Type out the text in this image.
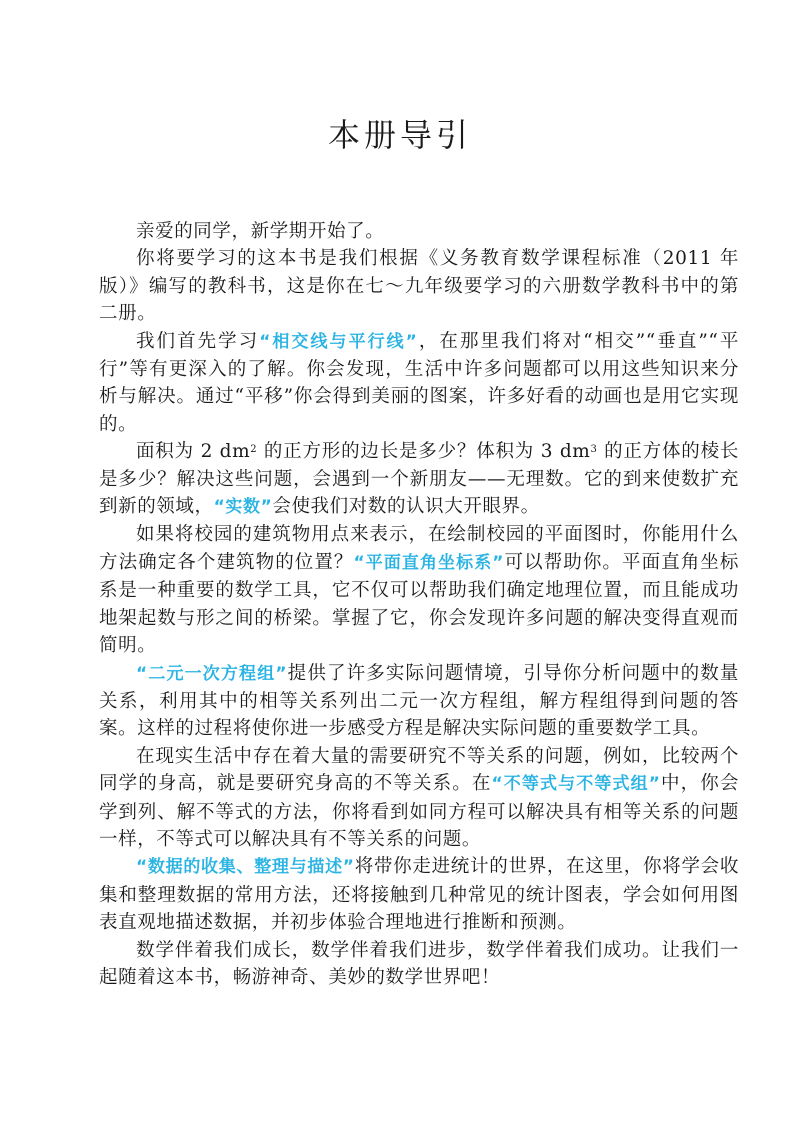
本册导引

亲爱的同学，新学期开始了。

你将要学习的这本书是我们根据《义务教育数学课程标准（2011 年版）》编写的教科书，这是你在七～九年级要学习的六册数学教科书中的第二册。

我们首先学习“相交线与平行线”，在那里我们将对“相交”“垂直”“平行”等有更深入的了解。你会发现，生活中许多问题都可以用这些知识来分析与解决。通过“平移”你会得到美丽的图案，许多好看的动画也是用它实现的。

面积为 2 $dm^2$ 的正方形的边长是多少？体积为 3 $dm^3$ 的正方体的棱长是多少？解决这些问题，会遇到一个新朋友——无理数。它的到来使数扩充到新的领域，“实数”会使我们对数的认识大开眼界。

如果将校园的建筑物用点来表示，在绘制校园的平面图时，你能用什么方法确定各个建筑物的位置？“平面直角坐标系”可以帮助你。平面直角坐标系是一种重要的数学工具，它不仅可以帮助我们确定地理位置，而且能成功地架起数与形之间的桥梁。掌握了它，你会发现许多问题的解决变得直观而简明。

“二元一次方程组”提供了许多实际问题情境，引导你分析问题中的数量关系，利用其中的相等关系列出二元一次方程组，解方程组得到问题的答案。这样的过程将使你进一步感受方程是解决实际问题的重要数学工具。

在现实生活中存在着大量的需要研究不等关系的问题，例如，比较两个同学的身高，就是要研究身高的不等关系。在“不等式与不等式组”中，你会学到列、解不等式的方法，你将看到如同方程可以解决具有相等关系的问题一样，不等式可以解决具有不等关系的问题。

“数据的收集、整理与描述”将带你走进统计的世界，在这里，你将学会收集和整理数据的常用方法，还将接触到几种常见的统计图表，学会如何用图表直观地描述数据，并初步体验合理地进行推断和预测。

数学伴着我们成长，数学伴着我们进步，数学伴着我们成功。让我们一起随着这本书，畅游神奇、美妙的数学世界吧！
